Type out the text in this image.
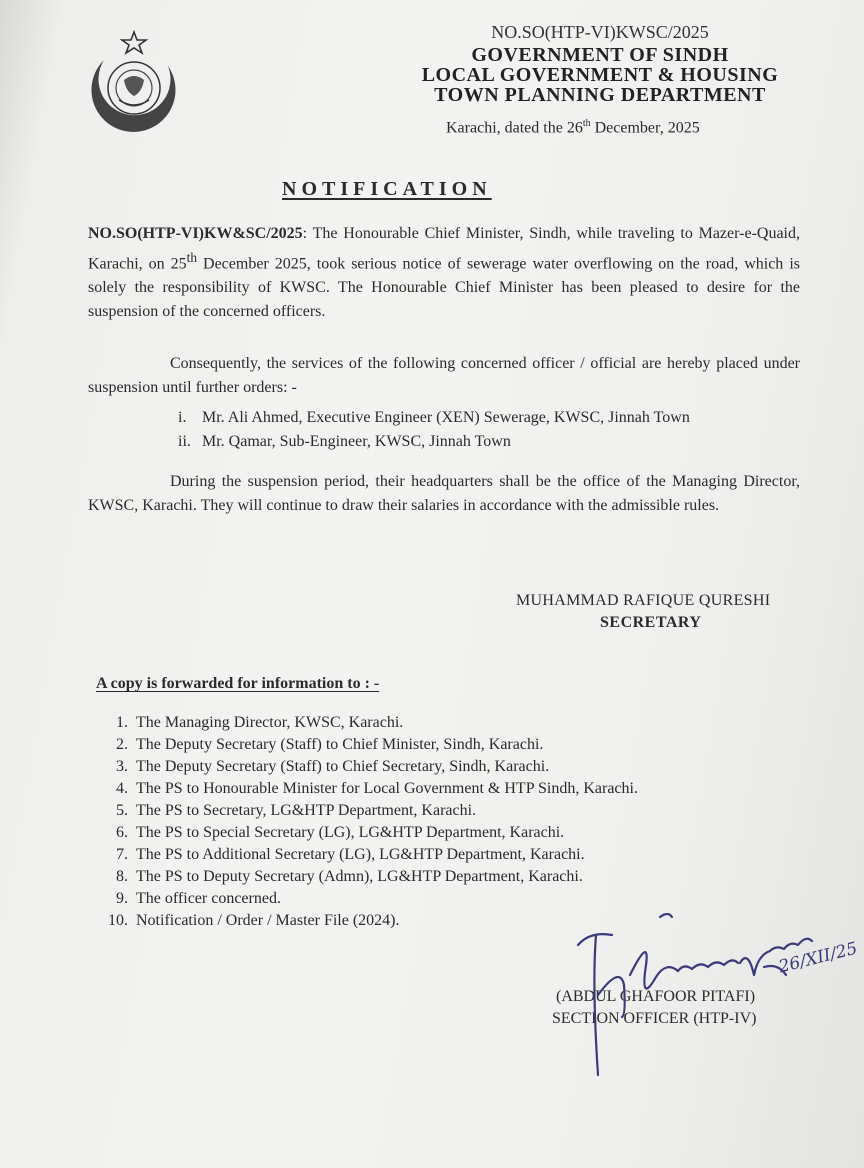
NO.SO(HTP-VI)KWSC/2025
GOVERNMENT OF SINDH
LOCAL GOVERNMENT & HOUSING
TOWN PLANNING DEPARTMENT
Karachi, dated the 26th December, 2025
NOTIFICATION
NO.SO(HTP-VI)KW&SC/2025: The Honourable Chief Minister, Sindh, while traveling to Mazer-e-Quaid, Karachi, on 25th December 2025, took serious notice of sewerage water overflowing on the road, which is solely the responsibility of KWSC. The Honourable Chief Minister has been pleased to desire for the suspension of the concerned officers.
Consequently, the services of the following concerned officer / official are hereby placed under suspension until further orders: -
i. Mr. Ali Ahmed, Executive Engineer (XEN) Sewerage, KWSC, Jinnah Town
ii. Mr. Qamar, Sub-Engineer, KWSC, Jinnah Town
During the suspension period, their headquarters shall be the office of the Managing Director, KWSC, Karachi. They will continue to draw their salaries in accordance with the admissible rules.
MUHAMMAD RAFIQUE QURESHI
SECRETARY
A copy is forwarded for information to : -
1. The Managing Director, KWSC, Karachi.
2. The Deputy Secretary (Staff) to Chief Minister, Sindh, Karachi.
3. The Deputy Secretary (Staff) to Chief Secretary, Sindh, Karachi.
4. The PS to Honourable Minister for Local Government & HTP Sindh, Karachi.
5. The PS to Secretary, LG&HTP Department, Karachi.
6. The PS to Special Secretary (LG), LG&HTP Department, Karachi.
7. The PS to Additional Secretary (LG), LG&HTP Department, Karachi.
8. The PS to Deputy Secretary (Admn), LG&HTP Department, Karachi.
9. The officer concerned.
10. Notification / Order / Master File (2024).
(ABDUL GHAFOOR PITAFI)
SECTION OFFICER (HTP-IV)
26/XII/25
